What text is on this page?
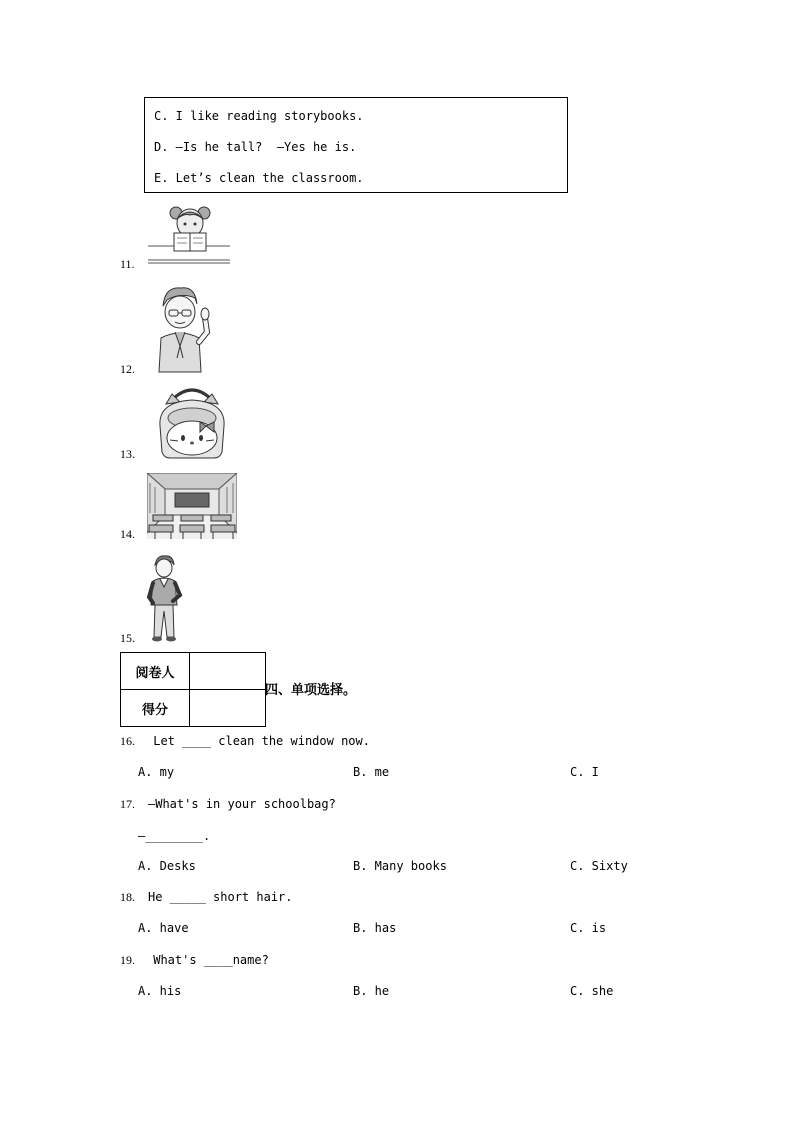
C. I like reading storybooks.
D. —Is he tall?  —Yes he is.
E. Let’s clean the classroom.
11.
12.
13.
14.
15.
阅卷人	
得分	
四、单项选择。
16. Let ____ clean the window now.
A. my	B. me	C. I
17. —What's in your schoolbag?
—________.
A. Desks	B. Many books	C. Sixty
18. He _____ short hair.
A. have	B. has	C. is
19. What's ____name?
A. his	B. he	C. she
